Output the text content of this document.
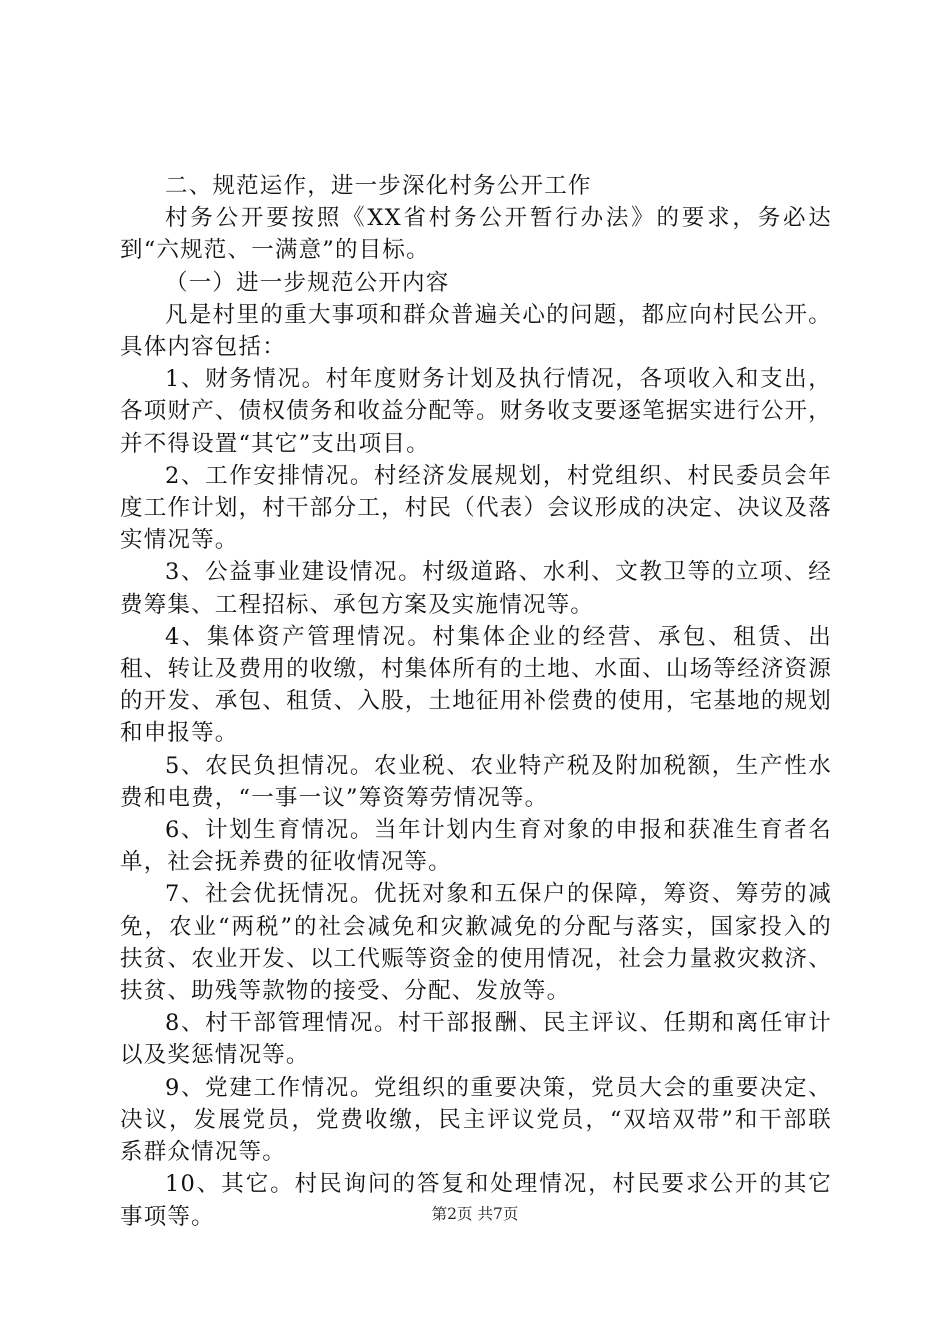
二、规范运作，进一步深化村务公开工作

村务公开要按照《XX省村务公开暂行办法》的要求，务必达到“六规范、一满意”的目标。

（一）进一步规范公开内容

凡是村里的重大事项和群众普遍关心的问题，都应向村民公开。具体内容包括：

1、财务情况。村年度财务计划及执行情况，各项收入和支出，各项财产、债权债务和收益分配等。财务收支要逐笔据实进行公开，并不得设置“其它”支出项目。

2、工作安排情况。村经济发展规划，村党组织、村民委员会年度工作计划，村干部分工，村民（代表）会议形成的决定、决议及落实情况等。

3、公益事业建设情况。村级道路、水利、文教卫等的立项、经费筹集、工程招标、承包方案及实施情况等。

4、集体资产管理情况。村集体企业的经营、承包、租赁、出租、转让及费用的收缴，村集体所有的土地、水面、山场等经济资源的开发、承包、租赁、入股，土地征用补偿费的使用，宅基地的规划和申报等。

5、农民负担情况。农业税、农业特产税及附加税额，生产性水费和电费，“一事一议”筹资筹劳情况等。

6、计划生育情况。当年计划内生育对象的申报和获准生育者名单，社会抚养费的征收情况等。

7、社会优抚情况。优抚对象和五保户的保障，筹资、筹劳的减免，农业“两税”的社会减免和灾歉减免的分配与落实，国家投入的扶贫、农业开发、以工代赈等资金的使用情况，社会力量救灾救济、扶贫、助残等款物的接受、分配、发放等。

8、村干部管理情况。村干部报酬、民主评议、任期和离任审计以及奖惩情况等。

9、党建工作情况。党组织的重要决策，党员大会的重要决定、决议，发展党员，党费收缴，民主评议党员，“双培双带”和干部联系群众情况等。

10、其它。村民询问的答复和处理情况，村民要求公开的其它事项等。	第2页 共7页
